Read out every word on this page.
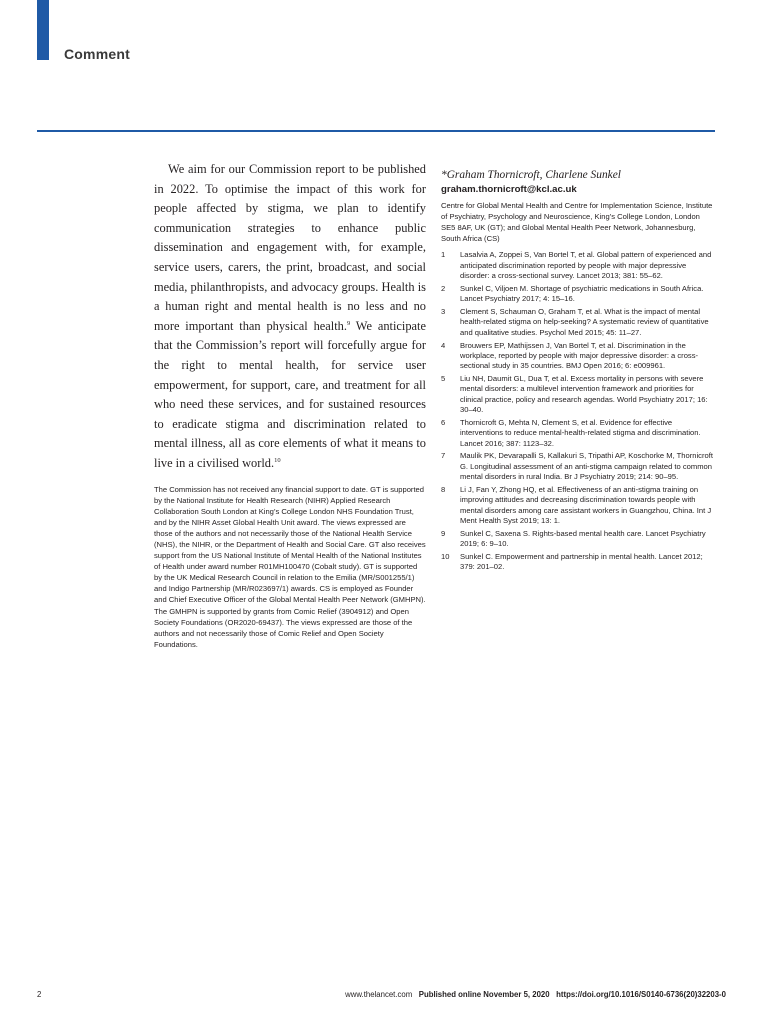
Comment

We aim for our Commission report to be published in 2022. To optimise the impact of this work for people affected by stigma, we plan to identify communication strategies to enhance public dissemination and engagement with, for example, service users, carers, the print, broadcast, and social media, philanthropists, and advocacy groups. Health is a human right and mental health is no less and no more important than physical health.$^9$ We anticipate that the Commission’s report will forcefully argue for the right to mental health, for service user empowerment, for support, care, and treatment for all who need these services, and for sustained resources to eradicate stigma and discrimination related to mental illness, all as core elements of what it means to live in a civilised world.$^{10}$

The Commission has not received any financial support to date. GT is supported by the National Institute for Health Research (NIHR) Applied Research Collaboration South London at King’s College London NHS Foundation Trust, and by the NIHR Asset Global Health Unit award. The views expressed are those of the authors and not necessarily those of the National Health Service (NHS), the NIHR, or the Department of Health and Social Care. GT also receives support from the US National Institute of Mental Health of the National Institutes of Health under award number R01MH100470 (Cobalt study). GT is supported by the UK Medical Research Council in relation to the Emilia (MR/S001255/1) and Indigo Partnership (MR/R023697/1) awards. CS is employed as Founder and Chief Executive Officer of the Global Mental Health Peer Network (GMHPN). The GMHPN is supported by grants from Comic Relief (3904912) and Open Society Foundations (OR2020-69437). The views expressed are those of the authors and not necessarily those of Comic Relief and Open Society Foundations.

*Graham Thornicroft, Charlene Sunkel

graham.thornicroft@kcl.ac.uk

Centre for Global Mental Health and Centre for Implementation Science, Institute of Psychiatry, Psychology and Neuroscience, King’s College London, London SE5 8AF, UK (GT); and Global Mental Health Peer Network, Johannesburg, South Africa (CS)

1 Lasalvia A, Zoppei S, Van Bortel T, et al. Global pattern of experienced and anticipated discrimination reported by people with major depressive disorder: a cross-sectional survey. Lancet 2013; 381: 55–62.
2 Sunkel C, Viljoen M. Shortage of psychiatric medications in South Africa. Lancet Psychiatry 2017; 4: 15–16.
3 Clement S, Schauman O, Graham T, et al. What is the impact of mental health-related stigma on help-seeking? A systematic review of quantitative and qualitative studies. Psychol Med 2015; 45: 11–27.
4 Brouwers EP, Mathijssen J, Van Bortel T, et al. Discrimination in the workplace, reported by people with major depressive disorder: a cross-sectional study in 35 countries. BMJ Open 2016; 6: e009961.
5 Liu NH, Daumit GL, Dua T, et al. Excess mortality in persons with severe mental disorders: a multilevel intervention framework and priorities for clinical practice, policy and research agendas. World Psychiatry 2017; 16: 30–40.
6 Thornicroft G, Mehta N, Clement S, et al. Evidence for effective interventions to reduce mental-health-related stigma and discrimination. Lancet 2016; 387: 1123–32.
7 Maulik PK, Devarapalli S, Kallakuri S, Tripathi AP, Koschorke M, Thornicroft G. Longitudinal assessment of an anti-stigma campaign related to common mental disorders in rural India. Br J Psychiatry 2019; 214: 90–95.
8 Li J, Fan Y, Zhong HQ, et al. Effectiveness of an anti-stigma training on improving attitudes and decreasing discrimination towards people with mental disorders among care assistant workers in Guangzhou, China. Int J Ment Health Syst 2019; 13: 1.
9 Sunkel C, Saxena S. Rights-based mental health care. Lancet Psychiatry 2019; 6: 9–10.
10 Sunkel C. Empowerment and partnership in mental health. Lancet 2012; 379: 201–02.
2	www.thelancet.com Published online November 5, 2020 https://doi.org/10.1016/S0140-6736(20)32203-0
